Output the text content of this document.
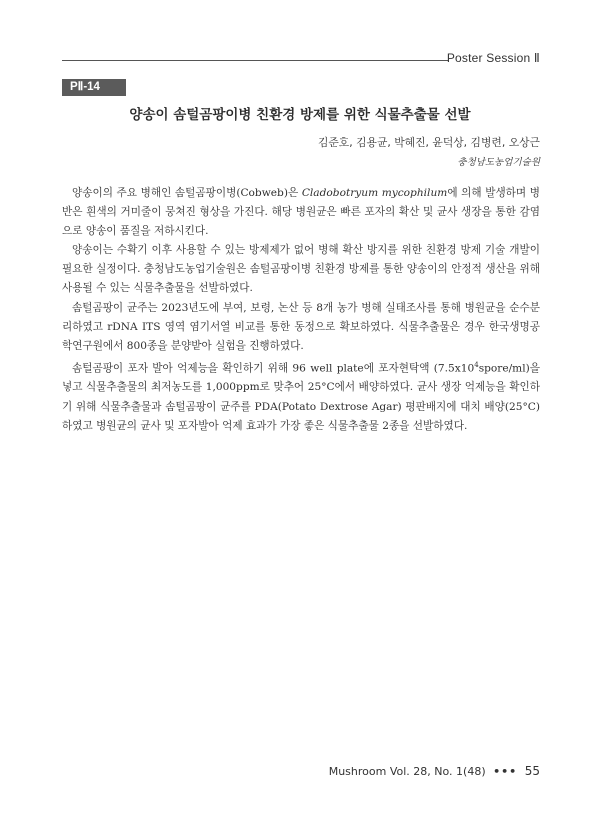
Poster Session Ⅱ
PⅡ-14
양송이 솜털곰팡이병 친환경 방제를 위한 식물추출물 선발
김준호, 김용균, 박혜진, 윤덕상, 김병련, 오상근
충청남도농업기술원

양송이의 주요 병해인 솜털곰팡이병(Cobweb)은 Cladobotryum mycophilum에 의해 발생하며 병반은 흰색의 거미줄이 뭉쳐진 형상을 가진다. 해당 병원균은 빠른 포자의 확산 및 균사 생장을 통한 감염으로 양송이 품질을 저하시킨다.

양송이는 수확기 이후 사용할 수 있는 방제제가 없어 병해 확산 방지를 위한 친환경 방제 기술 개발이 필요한 실정이다. 충청남도농업기술원은 솜털곰팡이병 친환경 방제를 통한 양송이의 안정적 생산을 위해 사용될 수 있는 식물추출물을 선발하였다.

솜털곰팡이 균주는 2023년도에 부여, 보령, 논산 등 8개 농가 병해 실태조사를 통해 병원균을 순수분리하였고 rDNA ITS 영역 염기서열 비교를 통한 동정으로 확보하였다. 식물추출물은 경우 한국생명공학연구원에서 800종을 분양받아 실험을 진행하였다.

솜털곰팡이 포자 발아 억제능을 확인하기 위해 96 well plate에 포자현탁액 $(7.5x10^4spore/ml)$을 넣고 식물추출물의 최저농도를 1,000ppm로 맞추어 25°C에서 배양하였다. 균사 생장 억제능을 확인하기 위해 식물추출물과 솜털곰팡이 균주를 PDA(Potato Dextrose Agar) 평판배지에 대치 배양(25°C)하였고 병원균의 균사 및 포자발아 억제 효과가 가장 좋은 식물추출물 2종을 선발하였다.

Mushroom Vol. 28, No. 1(48) ••• 55
